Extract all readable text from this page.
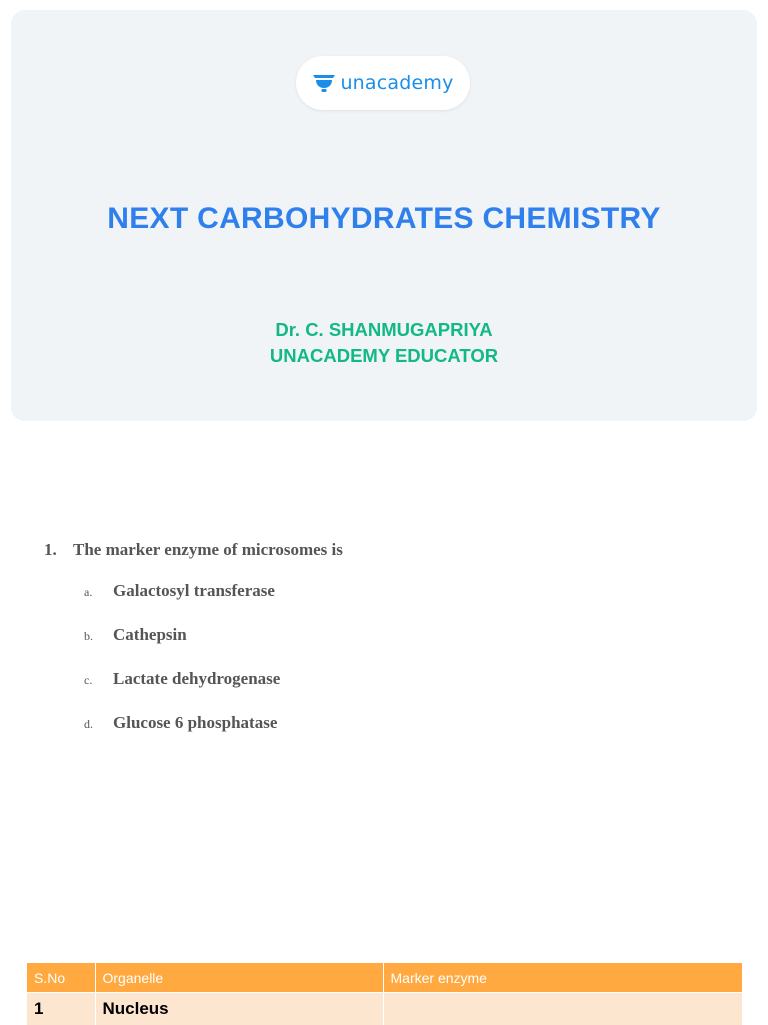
unacademy
NEXT CARBOHYDRATES CHEMISTRY
Dr. C. SHANMUGAPRIYA
UNACADEMY EDUCATOR
1. The marker enzyme of microsomes is
a.	Galactosyl transferase
b.	Cathepsin
c.	Lactate dehydrogenase
d.	Glucose 6 phosphatase
S.No	Organelle	Marker enzyme
1	Nucleus	
